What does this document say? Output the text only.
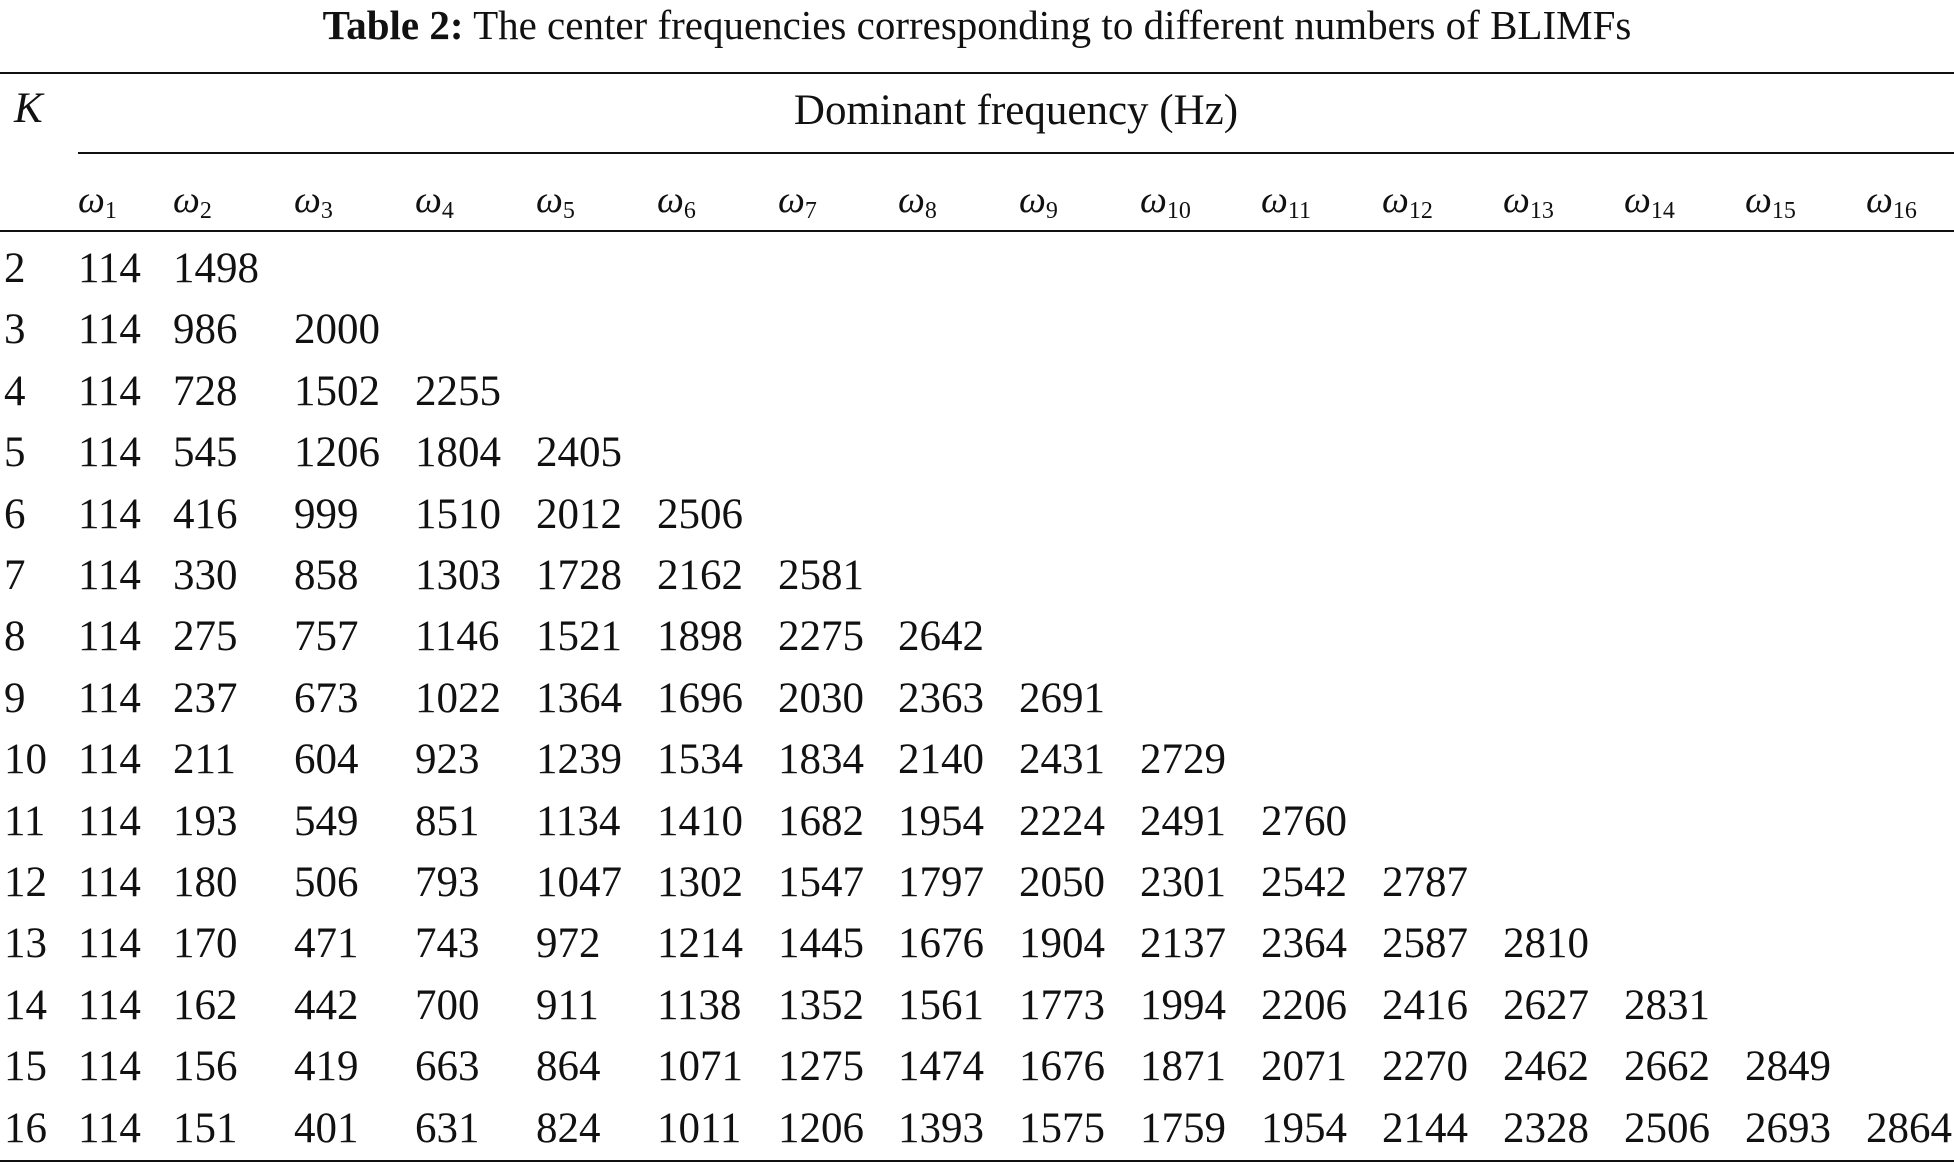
Table 2: The center frequencies corresponding to different numbers of BLIMFs
K	Dominant frequency (Hz)
$\omega_1$ $\omega_2$ $\omega_3$ $\omega_4$ $\omega_5$ $\omega_6$ $\omega_7$ $\omega_8$ $\omega_9$ $\omega_{10}$ $\omega_{11}$ $\omega_{12}$ $\omega_{13}$ $\omega_{14}$ $\omega_{15}$ $\omega_{16}$
2 114 1498
3 114 986 2000
4 114 728 1502 2255
5 114 545 1206 1804 2405
6 114 416 999 1510 2012 2506
7 114 330 858 1303 1728 2162 2581
8 114 275 757 1146 1521 1898 2275 2642
9 114 237 673 1022 1364 1696 2030 2363 2691
10 114 211 604 923 1239 1534 1834 2140 2431 2729
11 114 193 549 851 1134 1410 1682 1954 2224 2491 2760
12 114 180 506 793 1047 1302 1547 1797 2050 2301 2542 2787
13 114 170 471 743 972 1214 1445 1676 1904 2137 2364 2587 2810
14 114 162 442 700 911 1138 1352 1561 1773 1994 2206 2416 2627 2831
15 114 156 419 663 864 1071 1275 1474 1676 1871 2071 2270 2462 2662 2849
16 114 151 401 631 824 1011 1206 1393 1575 1759 1954 2144 2328 2506 2693 2864
